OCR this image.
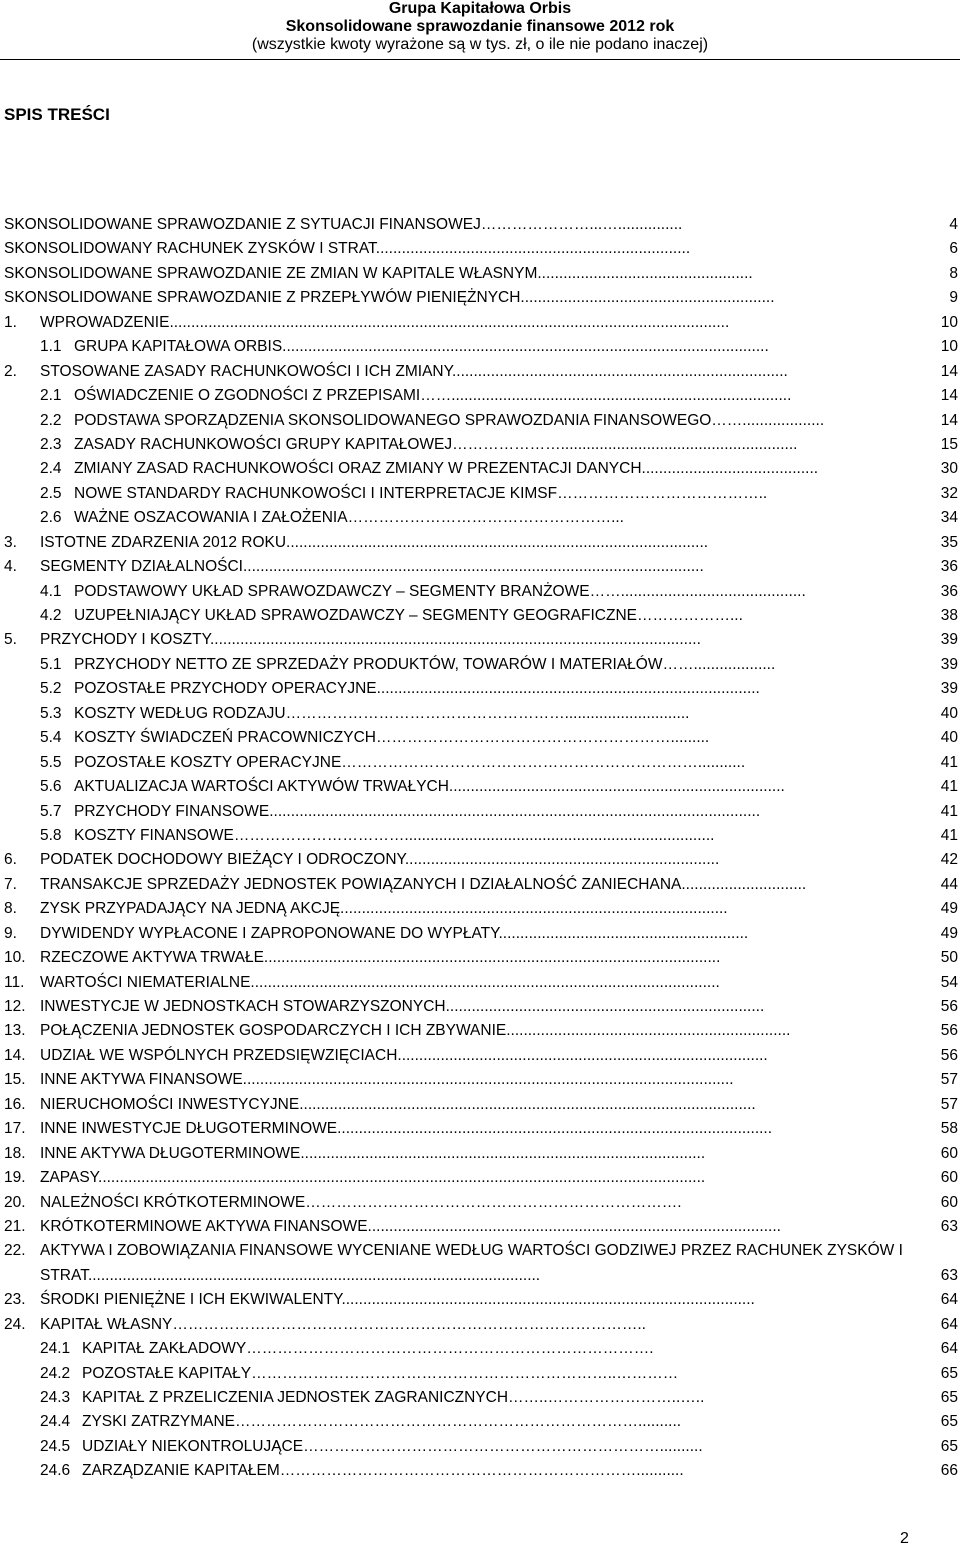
Grupa Kapitałowa Orbis
Skonsolidowane sprawozdanie finansowe 2012 rok
(wszystkie kwoty wyrażone są w tys. zł, o ile nie podano inaczej)
SPIS TREŚCI
SKONSOLIDOWANE SPRAWOZDANIE Z SYTUACJI FINANSOWEJ…………………...…...............	4
SKONSOLIDOWANY RACHUNEK ZYSKÓW I STRAT.........................................................................	6
SKONSOLIDOWANE SPRAWOZDANIE ZE ZMIAN W KAPITALE WŁASNYM..................................................	8
SKONSOLIDOWANE SPRAWOZDANIE Z PRZEPŁYWÓW PIENIĘŻNYCH...........................................................	9
1. WPROWADZENIE..................................................................................................................................	10
1.1 GRUPA KAPITAŁOWA ORBIS.................................................................................................................	10
2. STOSOWANE ZASADY RACHUNKOWOŚCI I ICH ZMIANY..............................................................................	14
2.1 OŚWIADCZENIE O ZGODNOŚCI Z PRZEPISAMI……...............................................................................	14
2.2 PODSTAWA SPORZĄDZENIA SKONSOLIDOWANEGO SPRAWOZDANIA FINANSOWEGO……...................	14
2.3 ZASADY RACHUNKOWOŚCI GRUPY KAPITAŁOWEJ………………….......................................................	15
2.4 ZMIANY ZASAD RACHUNKOWOŚCI ORAZ ZMIANY W PREZENTACJI DANYCH.........................................	30
2.5 NOWE STANDARDY RACHUNKOWOŚCI I INTERPRETACJE KIMSF…………………………………..	32
2.6 WAŻNE OSZACOWANIA I ZAŁOŻENIA……………………………………………...	34
3. ISTOTNE ZDARZENIA 2012 ROKU..................................................................................................	35
4. SEGMENTY DZIAŁALNOŚCI...........................................................................................................	36
4.1 PODSTAWOWY UKŁAD SPRAWOZDAWCZY – SEGMENTY BRANŻOWE……...........................................	36
4.2 UZUPEŁNIAJĄCY UKŁAD SPRAWOZDAWCZY – SEGMENTY GEOGRAFICZNE………………...	38
5. PRZYCHODY I KOSZTY..................................................................................................................	39
5.1 PRZYCHODY NETTO ZE SPRZEDAŻY PRODUKTÓW, TOWARÓW I MATERIAŁÓW……...................	39
5.2 POZOSTAŁE PRZYCHODY OPERACYJNE.........................................................................................	39
5.3 KOSZTY WEDŁUG RODZAJU……………………………………………….............................	40
5.4 KOSZTY ŚWIADCZEŃ PRACOWNICZYCH………………………………………………….........	40
5.5 POZOSTAŁE KOSZTY OPERACYJNE……………………………………………………………...........	41
5.6 AKTUALIZACJA WARTOŚCI AKTYWÓW TRWAŁYCH..............................................................................	41
5.7 PRZYCHODY FINANSOWE..................................................................................................................	41
5.8 KOSZTY FINANSOWE……………………………........................................................................	41
6. PODATEK DOCHODOWY BIEŻĄCY I ODROCZONY.........................................................................	42
7. TRANSAKCJE SPRZEDAŻY JEDNOSTEK POWIĄZANYCH I DZIAŁALNOŚĆ ZANIECHANA.............................	44
8. ZYSK PRZYPADAJĄCY NA JEDNĄ AKCJĘ..........................................................................................	49
9. DYWIDENDY WYPŁACONE I ZAPROPONOWANE DO WYPŁATY..........................................................	49
10. RZECZOWE AKTYWA TRWAŁE..........................................................................................................	50
11. WARTOŚCI NIEMATERIALNE.............................................................................................................	54
12. INWESTYCJE W JEDNOSTKACH STOWARZYSZONYCH..........................................................................	56
13. POŁĄCZENIA JEDNOSTEK GOSPODARCZYCH I ICH ZBYWANIE..................................................................	56
14. UDZIAŁ WE WSPÓLNYCH PRZEDSIĘWZIĘCIACH......................................................................................	56
15. INNE AKTYWA FINANSOWE..................................................................................................................	57
16. NIERUCHOMOŚCI INWESTYCYJNE..........................................................................................................	57
17. INNE INWESTYCJE DŁUGOTERMINOWE.....................................................................................................	58
18. INNE AKTYWA DŁUGOTERMINOWE..............................................................................................	60
19. ZAPASY.............................................................................................................................................	60
20. NALEŻNOŚCI KRÓTKOTERMINOWE……………………………………………………………….	60
21. KRÓTKOTERMINOWE AKTYWA FINANSOWE................................................................................................	63
22. AKTYWA I ZOBOWIĄZANIA FINANSOWE WYCENIANE WEDŁUG WARTOŚCI GODZIWEJ PRZEZ RACHUNEK ZYSKÓW I STRAT.........................................................................................................	63
23. ŚRODKI PIENIĘŻNE I ICH EKWIWALENTY................................................................................................	64
24. KAPITAŁ WŁASNY………………………………………………………………………………..	64
24.1 KAPITAŁ ZAKŁADOWY…………………………………………………………………….	64
24.2 POZOSTAŁE KAPITAŁY……………………………………………………………..…………	65
24.3 KAPITAŁ Z PRZELICZENIA JEDNOSTEK ZAGRANICZNYCH……..……………………..…..	65
24.4 ZYSKI ZATRZYMANE……………………………………………………………………..........	65
24.5 UDZIAŁY NIEKONTROLUJĄCE……………………………………………………………..........	65
24.6 ZARZĄDZANIE KAPITAŁEM……………………………………………………………...........	66
2
